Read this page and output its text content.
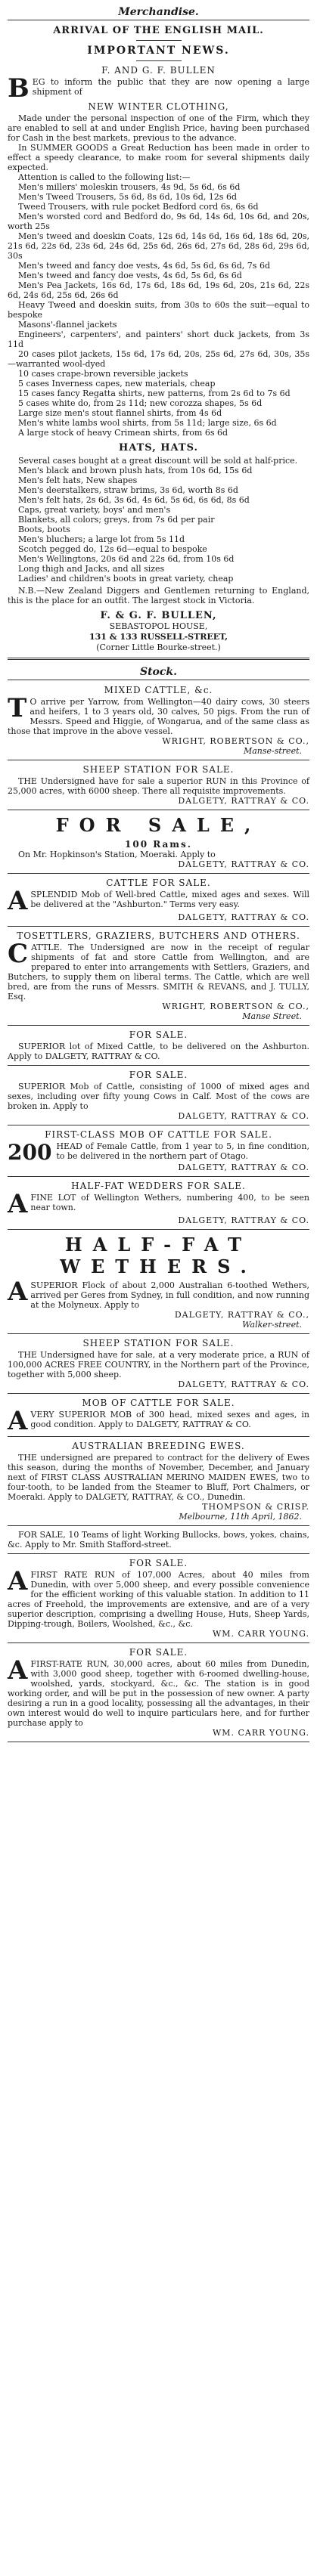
Merchandise.
ARRIVAL OF THE ENGLISH MAIL.
IMPORTANT NEWS.
F. AND G. F. BULLEN

BEG to inform the public that they are now opening a large shipment of

NEW WINTER CLOTHING,

Made under the personal inspection of one of the Firm, which they are enabled to sell at and under English Price, having been purchased for Cash in the best markets, previous to the advance.

In SUMMER GOODS a Great Reduction has been made in order to effect a speedy clearance, to make room for several shipments daily expected.

Attention is called to the following list:—

Men's millers' moleskin trousers, 4s 9d, 5s 6d, 6s 6d

Men's Tweed Trousers, 5s 6d, 8s 6d, 10s 6d, 12s 6d

Tweed Trousers, with rule pocket Bedford cord 6s, 6s 6d

Men's worsted cord and Bedford do, 9s 6d, 14s 6d, 10s 6d, and 20s, worth 25s

Men's tweed and doeskin Coats, 12s 6d, 14s 6d, 16s 6d, 18s 6d, 20s, 21s 6d, 22s 6d, 23s 6d, 24s 6d, 25s 6d, 26s 6d, 27s 6d, 28s 6d, 29s 6d, 30s

Men's tweed and fancy doe vests, 4s 6d, 5s 6d, 6s 6d, 7s 6d

Men's tweed and fancy doe vests, 4s 6d, 5s 6d, 6s 6d

Men's Pea Jackets, 16s 6d, 17s 6d, 18s 6d, 19s 6d, 20s, 21s 6d, 22s 6d, 24s 6d, 25s 6d, 26s 6d

Heavy Tweed and doeskin suits, from 30s to 60s the suit—equal to bespoke

Masons'-flannel jackets

Engineers', carpenters', and painters' short duck jackets, from 3s 11d

20 cases pilot jackets, 15s 6d, 17s 6d, 20s, 25s 6d, 27s 6d, 30s, 35s—warranted wool-dyed

10 cases crape-brown reversible jackets

5 cases Inverness capes, new materials, cheap

15 cases fancy Regatta shirts, new patterns, from 2s 6d to 7s 6d

5 cases white do, from 2s 11d; new corozza shapes, 5s 6d

Large size men's stout flannel shirts, from 4s 6d

Men's white lambs wool shirts, from 5s 11d; large size, 6s 6d

A large stock of heavy Crimean shirts, from 6s 6d

HATS, HATS.

Several cases bought at a great discount will be sold at half-price.

Men's black and brown plush hats, from 10s 6d, 15s 6d

Men's felt hats, New shapes

Men's deerstalkers, straw brims, 3s 6d, worth 8s 6d

Men's felt hats, 2s 6d, 3s 6d, 4s 6d, 5s 6d, 6s 6d, 8s 6d

Caps, great variety, boys' and men's

Blankets, all colors; greys, from 7s 6d per pair

Boots, boots

Men's bluchers; a large lot from 5s 11d

Scotch pegged do, 12s 6d—equal to bespoke

Men's Wellingtons, 20s 6d and 22s 6d, from 10s 6d

Long thigh and Jacks, and all sizes

Ladies' and children's boots in great variety, cheap

N.B.—New Zealand Diggers and Gentlemen returning to England, this is the place for an outfit. The largest stock in Victoria.

F. & G. F. BULLEN,
SEBASTOPOL HOUSE,
131 & 133 RUSSELL-STREET,
(Corner Little Bourke-street.)
Stock.
MIXED CATTLE, &c.

T O arrive per Yarrow, from Wellington—40 dairy cows, 30 steers and heifers, 1 to 3 years old, 30 calves, 50 pigs. From the run of Messrs. Speed and Higgie, of Wongarua, and of the same class as those that improve in the above vessel.

WRIGHT, ROBERTSON & CO.,
Manse-street.
SHEEP STATION FOR SALE.

THE Undersigned have for sale a superior RUN in this Province of 25,000 acres, with 6000 sheep. There all requisite improvements.

DALGETY, RATTRAY & CO.
FOR SALE,
100 Rams.

On Mr. Hopkinson's Station, Moeraki. Apply to

DALGETY, RATTRAY & CO.
CATTLE FOR SALE.

ASPLENDID Mob of Well-bred Cattle, mixed ages and sexes. Will be delivered at the "Ashburton." Terms very easy.

DALGETY, RATTRAY & CO.
TOSETTLERS, GRAZIERS, BUTCHERS AND OTHERS.

CATTLE. The Undersigned are now in the receipt of regular shipments of fat and store Cattle from Wellington, and are prepared to enter into arrangements with Settlers, Graziers, and Butchers, to supply them on liberal terms. The Cattle, which are well bred, are from the runs of Messrs. SMITH & REVANS, and J. TULLY, Esq.

WRIGHT, ROBERTSON & CO.,
Manse Street.
FOR SALE.

SUPERIOR lot of Mixed Cattle, to be delivered on the Ashburton. Apply to DALGETY, RATTRAY & CO.

FOR SALE.

SUPERIOR Mob of Cattle, consisting of 1000 of mixed ages and sexes, including over fifty young Cows in Calf. Most of the cows are broken in. Apply to

DALGETY, RATTRAY & CO.
FIRST-CLASS MOB OF CATTLE FOR SALE.

200 HEAD of Female Cattle, from 1 year to 5, in fine condition, to be delivered in the northern part of Otago.

DALGETY, RATTRAY & CO.
HALF-FAT WEDDERS FOR SALE.

AFINE LOT of Wellington Wethers, numbering 400, to be seen near town.

DALGETY, RATTRAY & CO.
HALF-FAT WETHERS.

ASUPERIOR Flock of about 2,000 Australian 6-toothed Wethers, arrived per Geres from Sydney, in full condition, and now running at the Molyneux. Apply to

DALGETY, RATTRAY & CO.,
Walker-street.
SHEEP STATION FOR SALE.

THE Undersigned have for sale, at a very moderate price, a RUN of 100,000 ACRES FREE COUNTRY, in the Northern part of the Province, together with 5,000 sheep.

DALGETY, RATTRAY & CO.
MOB OF CATTLE FOR SALE.

AVERY SUPERIOR MOB of 300 head, mixed sexes and ages, in good condition. Apply to DALGETY, RATTRAY & CO.

AUSTRALIAN BREEDING EWES.

THE undersigned are prepared to contract for the delivery of Ewes this season, during the months of November, December, and January next of FIRST CLASS AUSTRALIAN MERINO MAIDEN EWES, two to four-tooth, to be landed from the Steamer to Bluff, Port Chalmers, or Moeraki. Apply to DALGETY, RATTRAY, & CO., Dunedin.

THOMPSON & CRISP.
Melbourne, 11th April, 1862.

FOR SALE, 10 Teams of light Working Bullocks, bows, yokes, chains, &c. Apply to Mr. Smith Stafford-street.

FOR SALE.

AFIRST RATE RUN of 107,000 Acres, about 40 miles from Dunedin, with over 5,000 sheep, and every possible convenience for the efficient working of this valuable station. In addition to 11 acres of Freehold, the improvements are extensive, and are of a very superior description, comprising a dwelling House, Huts, Sheep Yards, Dipping-trough, Boilers, Woolshed, &c., &c.

WM. CARR YOUNG.
FOR SALE.

AFIRST-RATE RUN, 30,000 acres, about 60 miles from Dunedin, with 3,000 good sheep, together with 6-roomed dwelling-house, woolshed, yards, stockyard, &c., &c. The station is in good working order, and will be put in the possession of new owner. A party desiring a run in a good locality, possessing all the advantages, in their own interest would do well to inquire particulars here, and for further purchase apply to

WM. CARR YOUNG.
